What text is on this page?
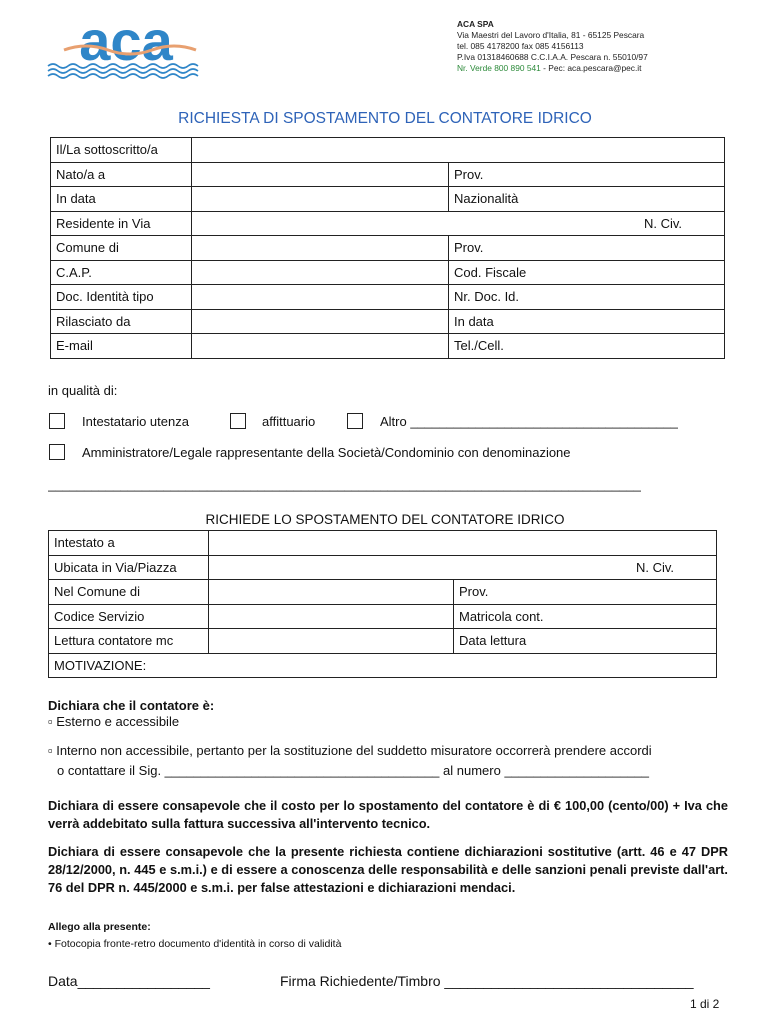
aca	ACA SPA
Via Maestri del Lavoro d'Italia, 81 - 65125 Pescara
tel. 085 4178200 fax 085 4156113
P.Iva 01318460688 C.C.I.A.A. Pescara n. 55010/97
Nr. Verde 800 890 541 - Pec: aca.pescara@pec.it
RICHIESTA DI SPOSTAMENTO DEL CONTATORE IDRICO
Il/La sottoscritto/a		
Nato/a a		Prov.
In data		Nazionalità
Residente in Via	N. Civ.	
Comune di		Prov.
C.A.P.		Cod. Fiscale
Doc. Identità tipo		Nr. Doc. Id.
Rilasciato da		In data
E-mail		Tel./Cell.
in qualità di:
Intestatario utenza	affittuario	Altro _____________________________________
Amministratore/Legale rappresentante della Società/Condominio con denominazione
__________________________________________________________________________________
RICHIEDE LO SPOSTAMENTO DEL CONTATORE IDRICO
Intestato a		
Ubicata in Via/Piazza	N. Civ.	
Nel Comune di		Prov.
Codice Servizio		Matricola cont.
Lettura contatore mc		Data lettura
MOTIVAZIONE:		
Dichiara che il contatore è:
▫ Esterno e accessibile
▫ Interno non accessibile, pertanto per la sostituzione del suddetto misuratore occorrerà prendere accordi
o contattare il Sig. ______________________________________ al numero ____________________
Dichiara di essere consapevole che il costo per lo spostamento del contatore è di € 100,00 (cento/00) + Iva che verrà addebitato sulla fattura successiva all'intervento tecnico.
Dichiara di essere consapevole che la presente richiesta contiene dichiarazioni sostitutive (artt. 46 e 47 DPR 28/12/2000, n. 445 e s.m.i.) e di essere a conoscenza delle responsabilità e delle sanzioni penali previste dall'art. 76 del DPR n. 445/2000 e s.m.i. per false attestazioni e dichiarazioni mendaci.
Allego alla presente:
• Fotocopia fronte-retro documento d'identità in corso di validità
Data_________________	Firma Richiedente/Timbro ________________________________
1 di 2
